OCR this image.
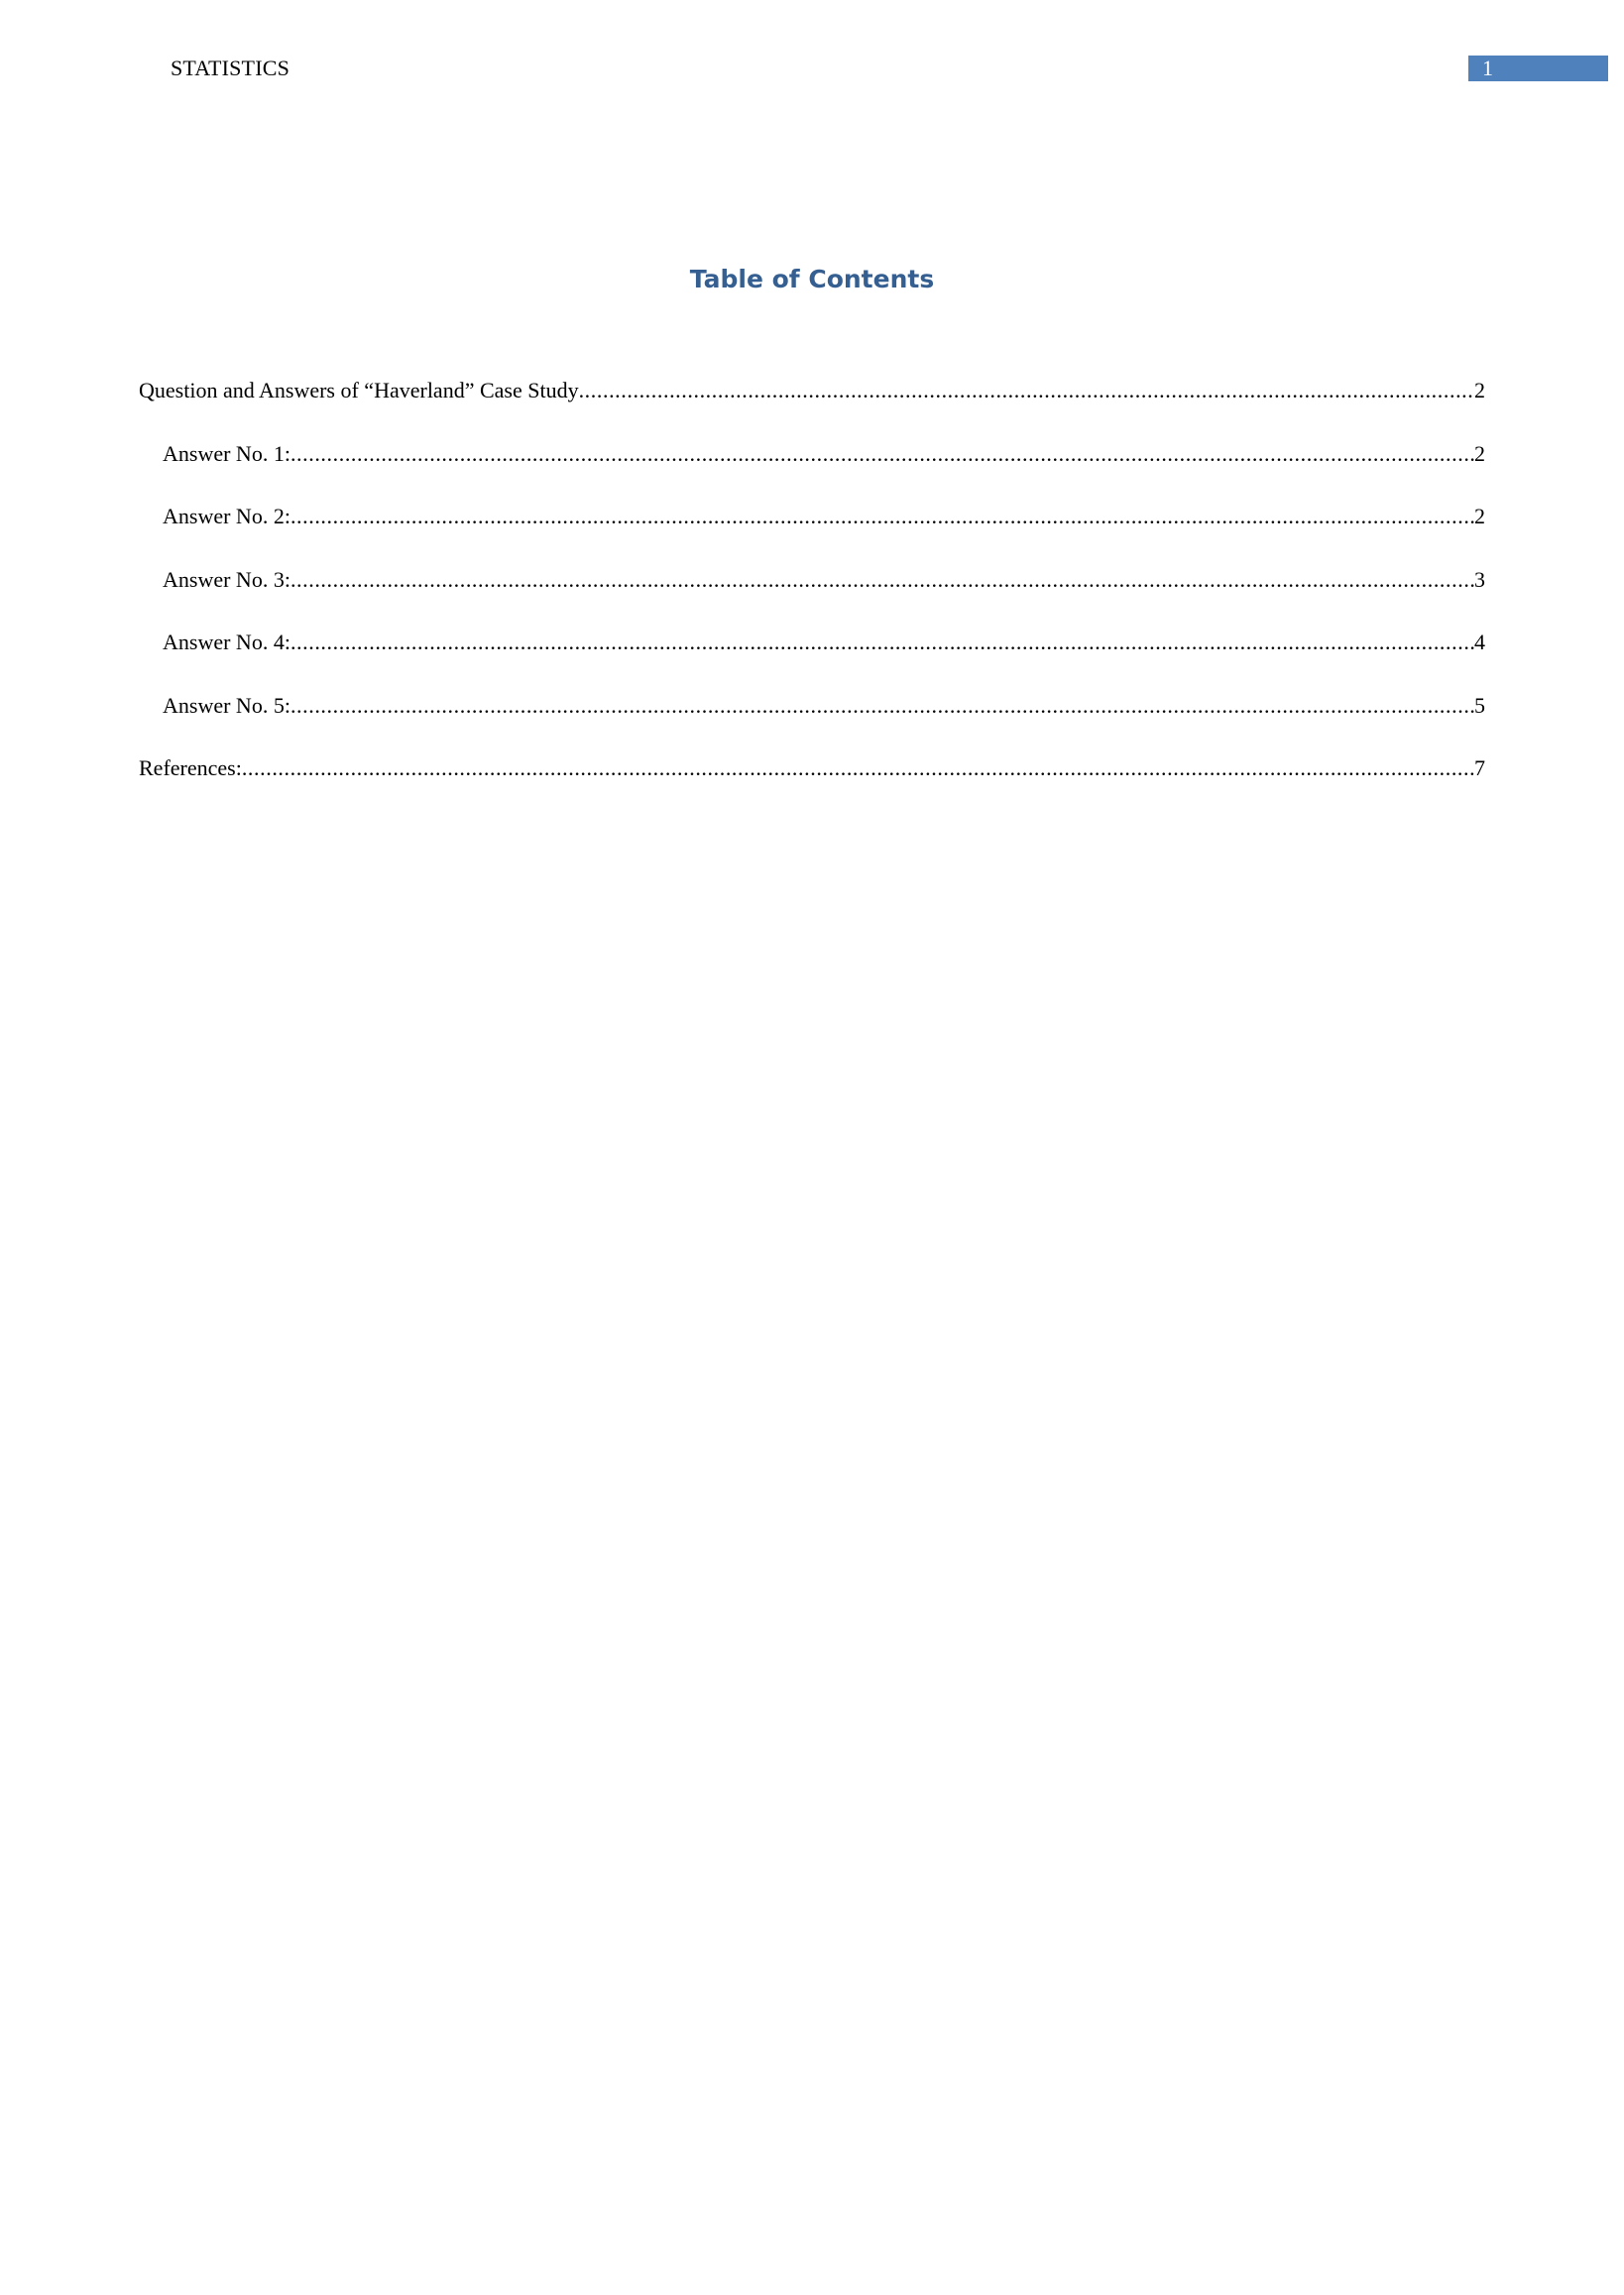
STATISTICS	1
Table of Contents
Question and Answers of “Haverland” Case Study .....	2
Answer No. 1: .....	2
Answer No. 2: .....	2
Answer No. 3: .....	3
Answer No. 4: .....	4
Answer No. 5: .....	5
References: .....	7
